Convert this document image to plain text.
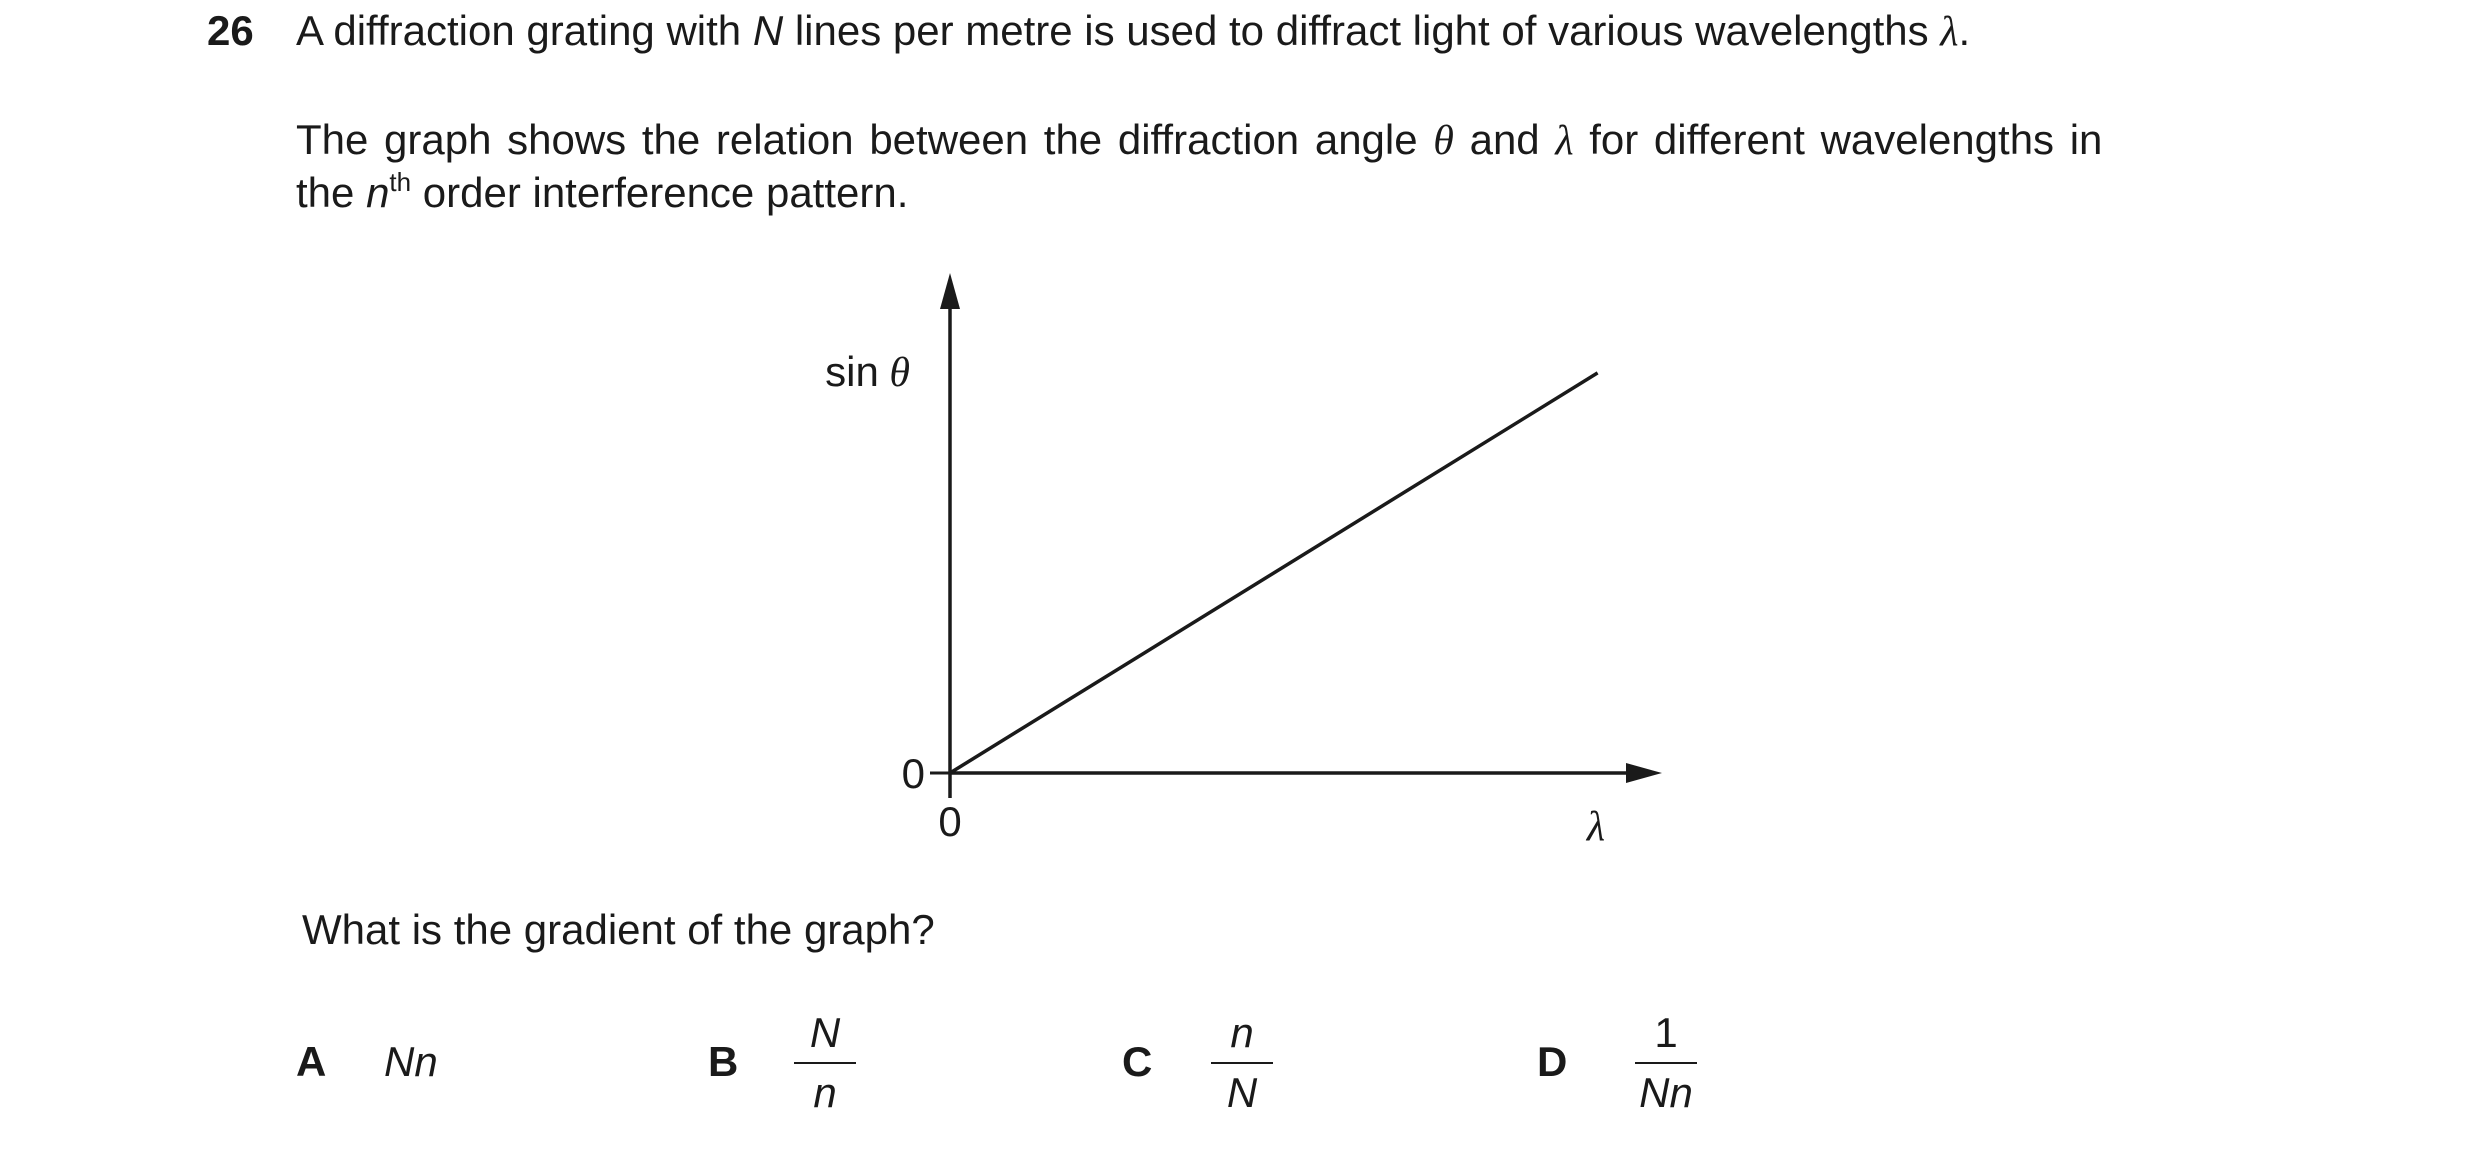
26 A diffraction grating with N lines per metre is used to diffract light of various wavelengths λ.
The graph shows the relation between the diffraction angle θ and λ for different wavelengths in
the $n^{th}$ order interference pattern.
sin θ
0
0	λ
What is the gradient of the graph?
A Nn	B
N
n
C
n
N
D
1
Nn
